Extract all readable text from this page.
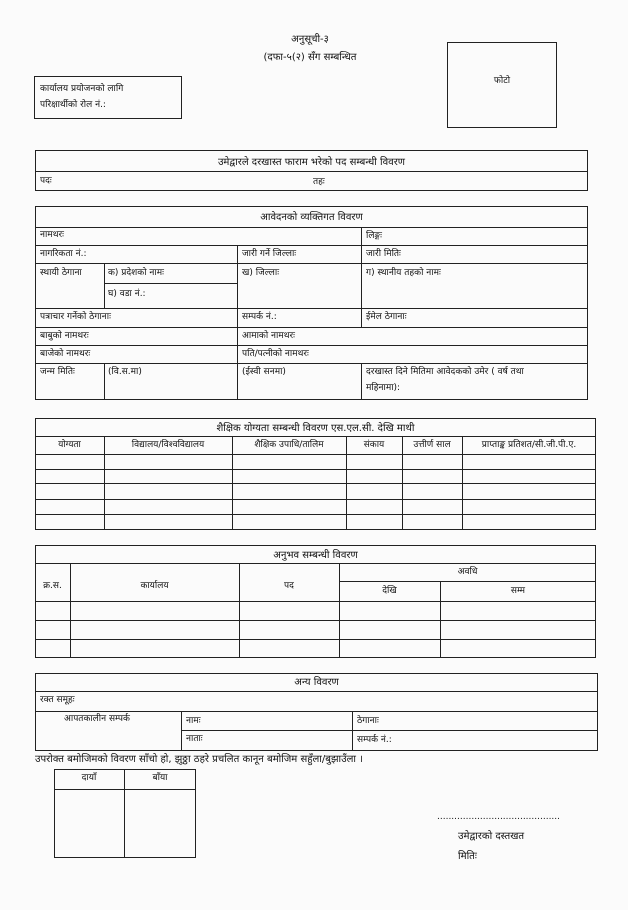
अनुसूची-३
(दफा-५(२) सँग सम्बन्धित
कार्यालय प्रयोजनको लागि
परिक्षार्थीको रोल नं.:
फोटो
उमेद्वारले दरखास्त फाराम भरेको पद सम्बन्धी विवरण
पदः	तहः
आवेदनको व्यक्तिगत विवरण
नामथरः	लिङ्गः
नागरिकता नं.:	जारी गर्ने जिल्लाः	जारी मितिः
स्थायी ठेगाना	क) प्रदेशको नामः	ख) जिल्लाः	ग) स्थानीय तहको नामः
घ) वडा नं.:
पत्राचार गर्नेको ठेगानाः	सम्पर्क नं.:	ईमेल ठेगानाः
बाबुको नामथरः	आमाको नामथरः
बाजेको नामथरः	पति/पत्नीको नामथरः
जन्म मितिः	(वि.स.मा)	(ईस्वी सनमा)	दरखास्त दिने मितिमा आवेदकको उमेर ( वर्ष तथा
महिनामा):
शैक्षिक योग्यता सम्बन्धी विवरण एस.एल.सी. देखि माथी
योग्यता	विद्यालय/विश्वविद्यालय	शैक्षिक उपाधि/तालिम	संकाय	उत्तीर्ण साल	प्राप्ताङ्क प्रतिशत/सी.जी.पी.ए.
अनुभव सम्बन्धी विवरण
क्र.स.	कार्यालय	पद
अवधि
देखि	सम्म
अन्य विवरण
रक्त समूहः
आपतकालीन सम्पर्क	नामः	ठेगानाः
नाताः	सम्पर्क नं.:
उपरोक्त बमोजिमको विवरण साँचो हो, झुठ्ठा ठहरे प्रचलित कानून बमोजिम सहुँला/बुझाउँला ।
दायाँ	बाँया
...........................................
उमेद्वारको दस्तखत
मितिः
